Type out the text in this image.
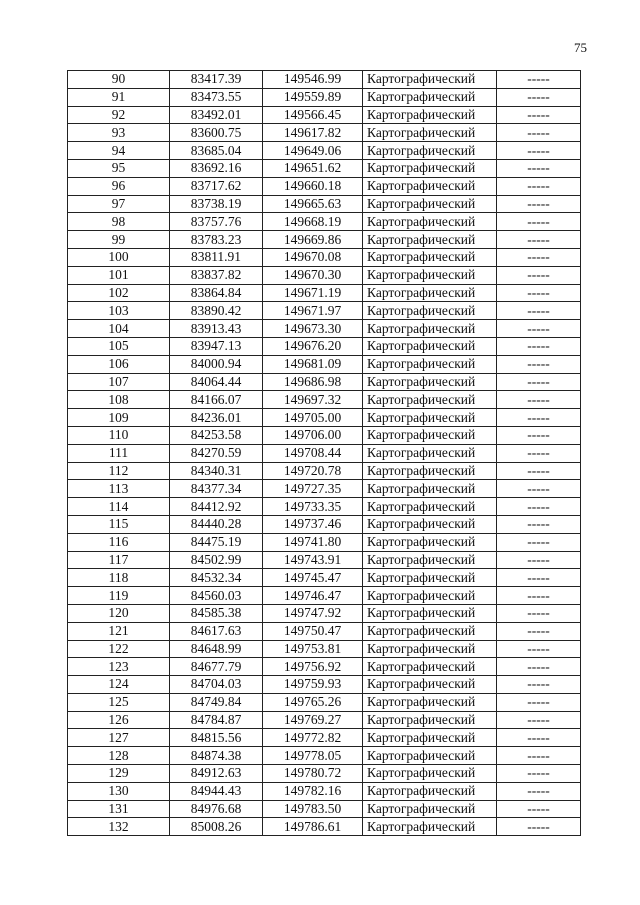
75
90	83417.39	149546.99	Картографический	-----
91	83473.55	149559.89	Картографический	-----
92	83492.01	149566.45	Картографический	-----
93	83600.75	149617.82	Картографический	-----
94	83685.04	149649.06	Картографический	-----
95	83692.16	149651.62	Картографический	-----
96	83717.62	149660.18	Картографический	-----
97	83738.19	149665.63	Картографический	-----
98	83757.76	149668.19	Картографический	-----
99	83783.23	149669.86	Картографический	-----
100	83811.91	149670.08	Картографический	-----
101	83837.82	149670.30	Картографический	-----
102	83864.84	149671.19	Картографический	-----
103	83890.42	149671.97	Картографический	-----
104	83913.43	149673.30	Картографический	-----
105	83947.13	149676.20	Картографический	-----
106	84000.94	149681.09	Картографический	-----
107	84064.44	149686.98	Картографический	-----
108	84166.07	149697.32	Картографический	-----
109	84236.01	149705.00	Картографический	-----
110	84253.58	149706.00	Картографический	-----
111	84270.59	149708.44	Картографический	-----
112	84340.31	149720.78	Картографический	-----
113	84377.34	149727.35	Картографический	-----
114	84412.92	149733.35	Картографический	-----
115	84440.28	149737.46	Картографический	-----
116	84475.19	149741.80	Картографический	-----
117	84502.99	149743.91	Картографический	-----
118	84532.34	149745.47	Картографический	-----
119	84560.03	149746.47	Картографический	-----
120	84585.38	149747.92	Картографический	-----
121	84617.63	149750.47	Картографический	-----
122	84648.99	149753.81	Картографический	-----
123	84677.79	149756.92	Картографический	-----
124	84704.03	149759.93	Картографический	-----
125	84749.84	149765.26	Картографический	-----
126	84784.87	149769.27	Картографический	-----
127	84815.56	149772.82	Картографический	-----
128	84874.38	149778.05	Картографический	-----
129	84912.63	149780.72	Картографический	-----
130	84944.43	149782.16	Картографический	-----
131	84976.68	149783.50	Картографический	-----
132	85008.26	149786.61	Картографический	-----
